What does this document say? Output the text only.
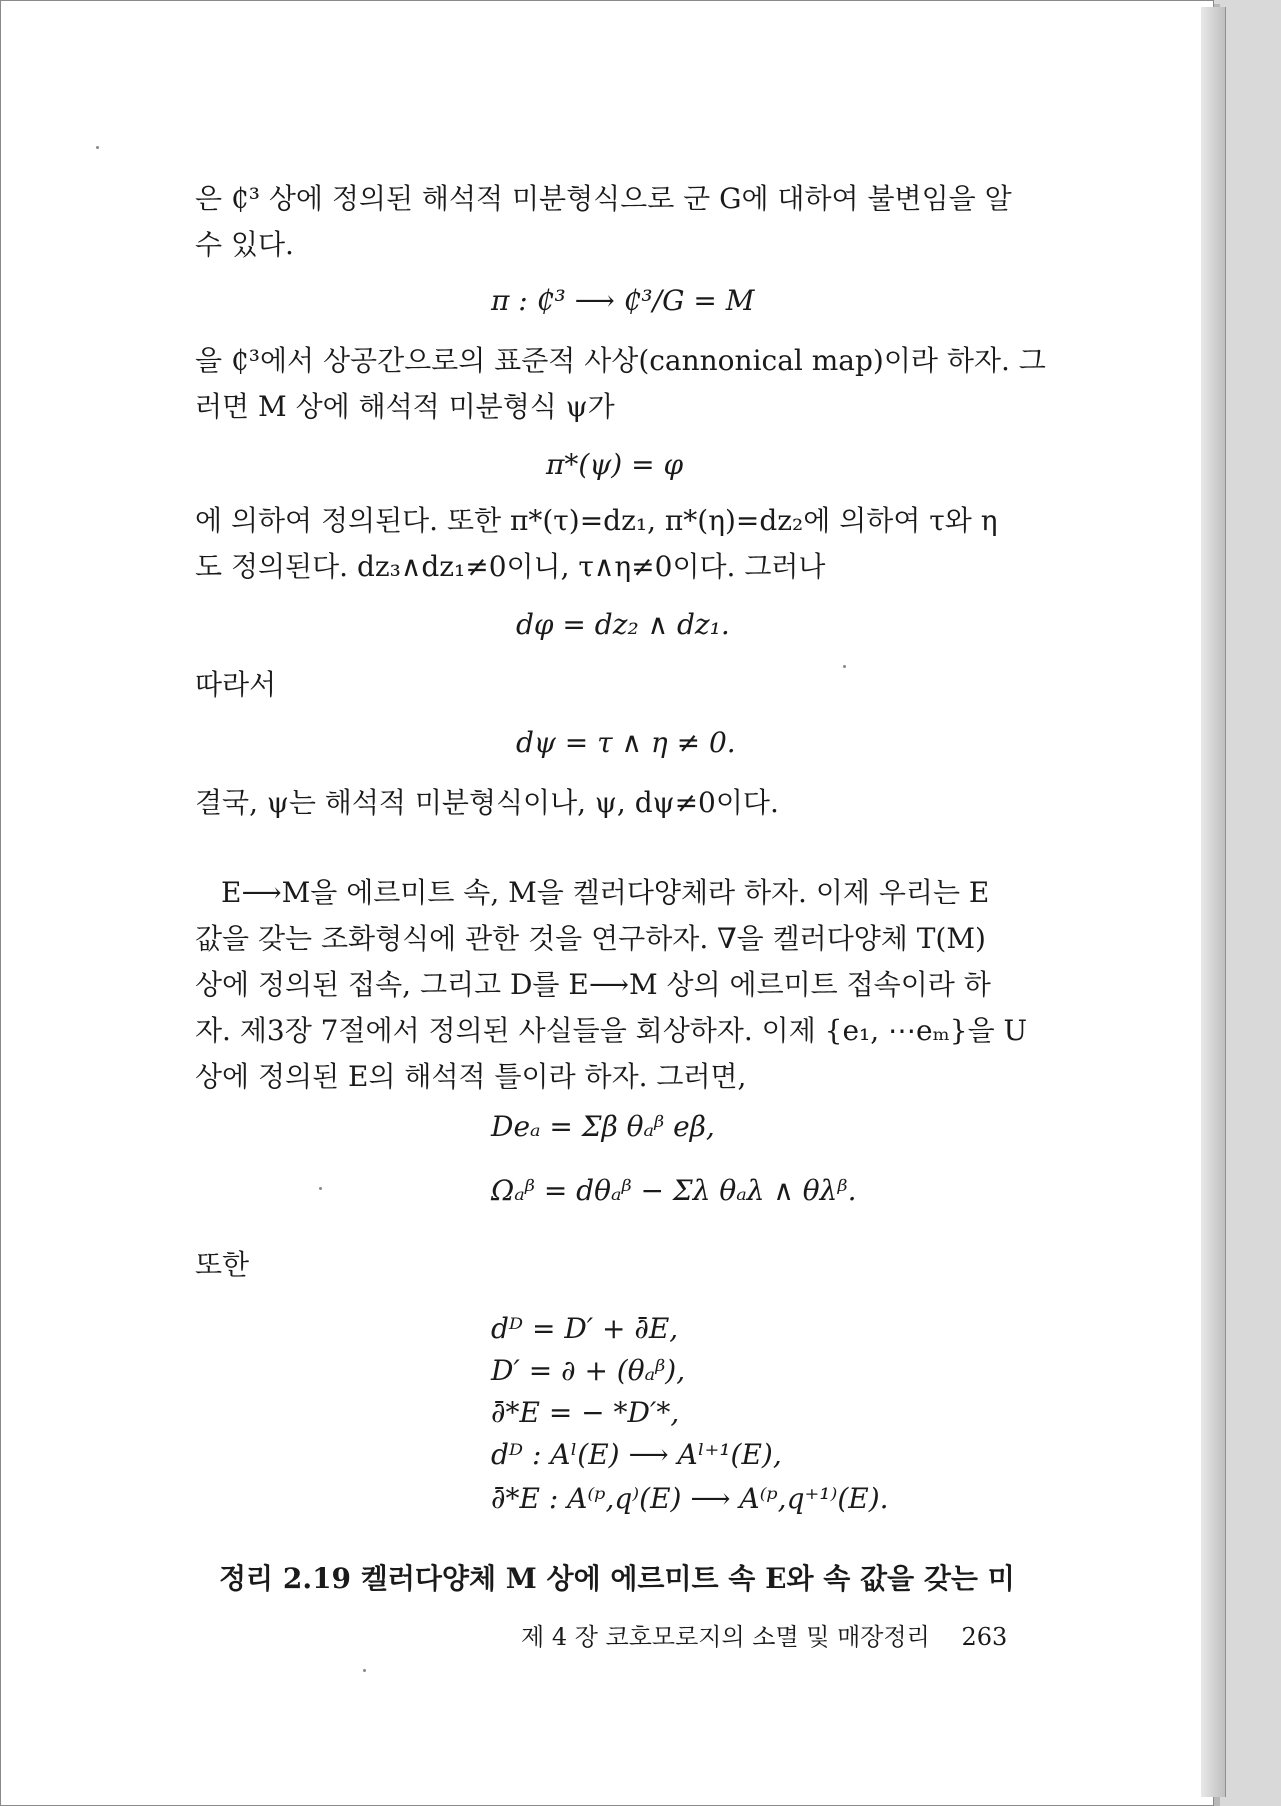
은 ₵³ 상에 정의된 해석적 미분형식으로 군 G에 대하여 불변임을 알
수 있다.
π : ₵³ ⟶ ₵³/G = M
을 ₵³에서 상공간으로의 표준적 사상(cannonical map)이라 하자. 그
러면 M 상에 해석적 미분형식 ψ가
π*(ψ) = φ
에 의하여 정의된다. 또한 π*(τ)=dz₁, π*(η)=dz₂에 의하여 τ와 η
도 정의된다. dz₃∧dz₁≠0이니, τ∧η≠0이다. 그러나
dφ = dz₂ ∧ dz₁.
따라서
dψ = τ ∧ η ≠ 0.
결국, ψ는 해석적 미분형식이나, ψ, dψ≠0이다.
E⟶M을 에르미트 속, M을 켈러다양체라 하자. 이제 우리는 E
값을 갖는 조화형식에 관한 것을 연구하자. ∇을 켈러다양체 T(M)
상에 정의된 접속, 그리고 D를 E⟶M 상의 에르미트 접속이라 하
자. 제3장 7절에서 정의된 사실들을 회상하자. 이제 {e₁, ⋯eₘ}을 U
상에 정의된 E의 해석적 틀이라 하자. 그러면,
Deₐ = Σβ θₐᵝ eβ,
Ωₐᵝ = dθₐᵝ − Σλ θₐλ ∧ θλᵝ.
또한
dᴰ = D′ + ∂̄E,
D′ = ∂ + (θₐᵝ),
∂̄*E = − *D′*,
dᴰ : Aˡ(E) ⟶ Aˡ⁺¹(E),
∂̄*E : A⁽ᵖ,q⁾(E) ⟶ A⁽ᵖ,q⁺¹⁾(E).
정리 2.19 켈러다양체 M 상에 에르미트 속 E와 속 값을 갖는 미
제 4 장 코호모로지의 소멸 및 매장정리 263
